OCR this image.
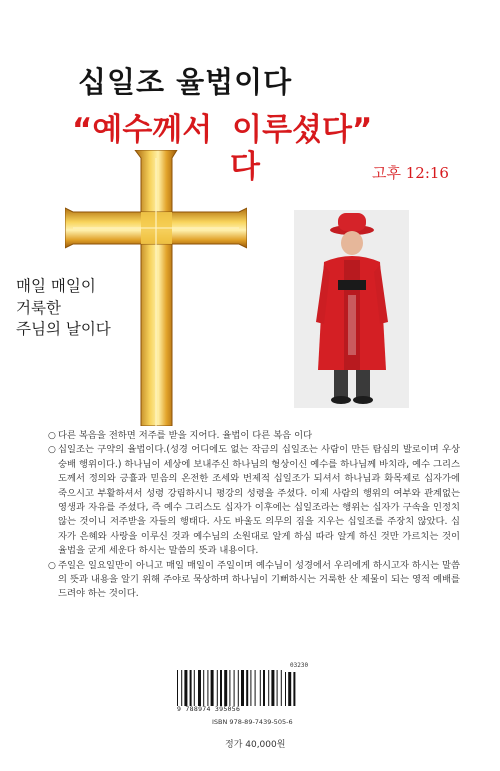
십일조 율법이다
“예수께서 이루셨다”
다	고후 12:16
매일 매일이
거룩한
주님의 날이다

○ 다른 복음을 전하면 저주를 받을 지어다. 율법이 다른 복음 이다

○ 십일조는 구약의 율법이다.(성경 어디에도 없는 작금의 십일조는 사람이 만든 탐심의 발로이며 우상 숭배 행위이다.) 하나님이 세상에 보내주신 하나님의 형상이신 예수를 하나님께 바치라, 예수 그리스도께서 정의와 긍휼과 믿음의 온전한 조세와 번제적 십일조가 되셔서 하나님과 화목제로 십자가에 죽으시고 부활하셔서 성령 강림하시니 평강의 성령을 주셨다. 이제 사람의 행위의 여부와 관계없는 영생과 자유를 주셨다, 즉 예수 그리스도 십자가 이후에는 십일조라는 행위는 십자가 구속을 인정치 않는 것이니 저주받을 자들의 행태다. 사도 바울도 의무의 짐을 지우는 십일조를 주장치 않았다. 십자가 은혜와 사랑을 이루신 것과 예수님의 소원대로 알게 하심 따라 알게 하신 것만 가르치는 것이 율법을 굳게 세운다 하시는 말씀의 뜻과 내용이다.

○ 주일은 일요일만이 아니고 매일 매일이 주일이며 예수님이 성경에서 우리에게 하시고자 하시는 말씀의 뜻과 내용을 알기 위해 주야로 묵상하며 하나님이 기뻐하시는 거룩한 산 제물이 되는 영적 예배를 드려야 하는 것이다.

03230
9 788974 395056
ISBN 978-89-7439-505-6
정가 40,000원
